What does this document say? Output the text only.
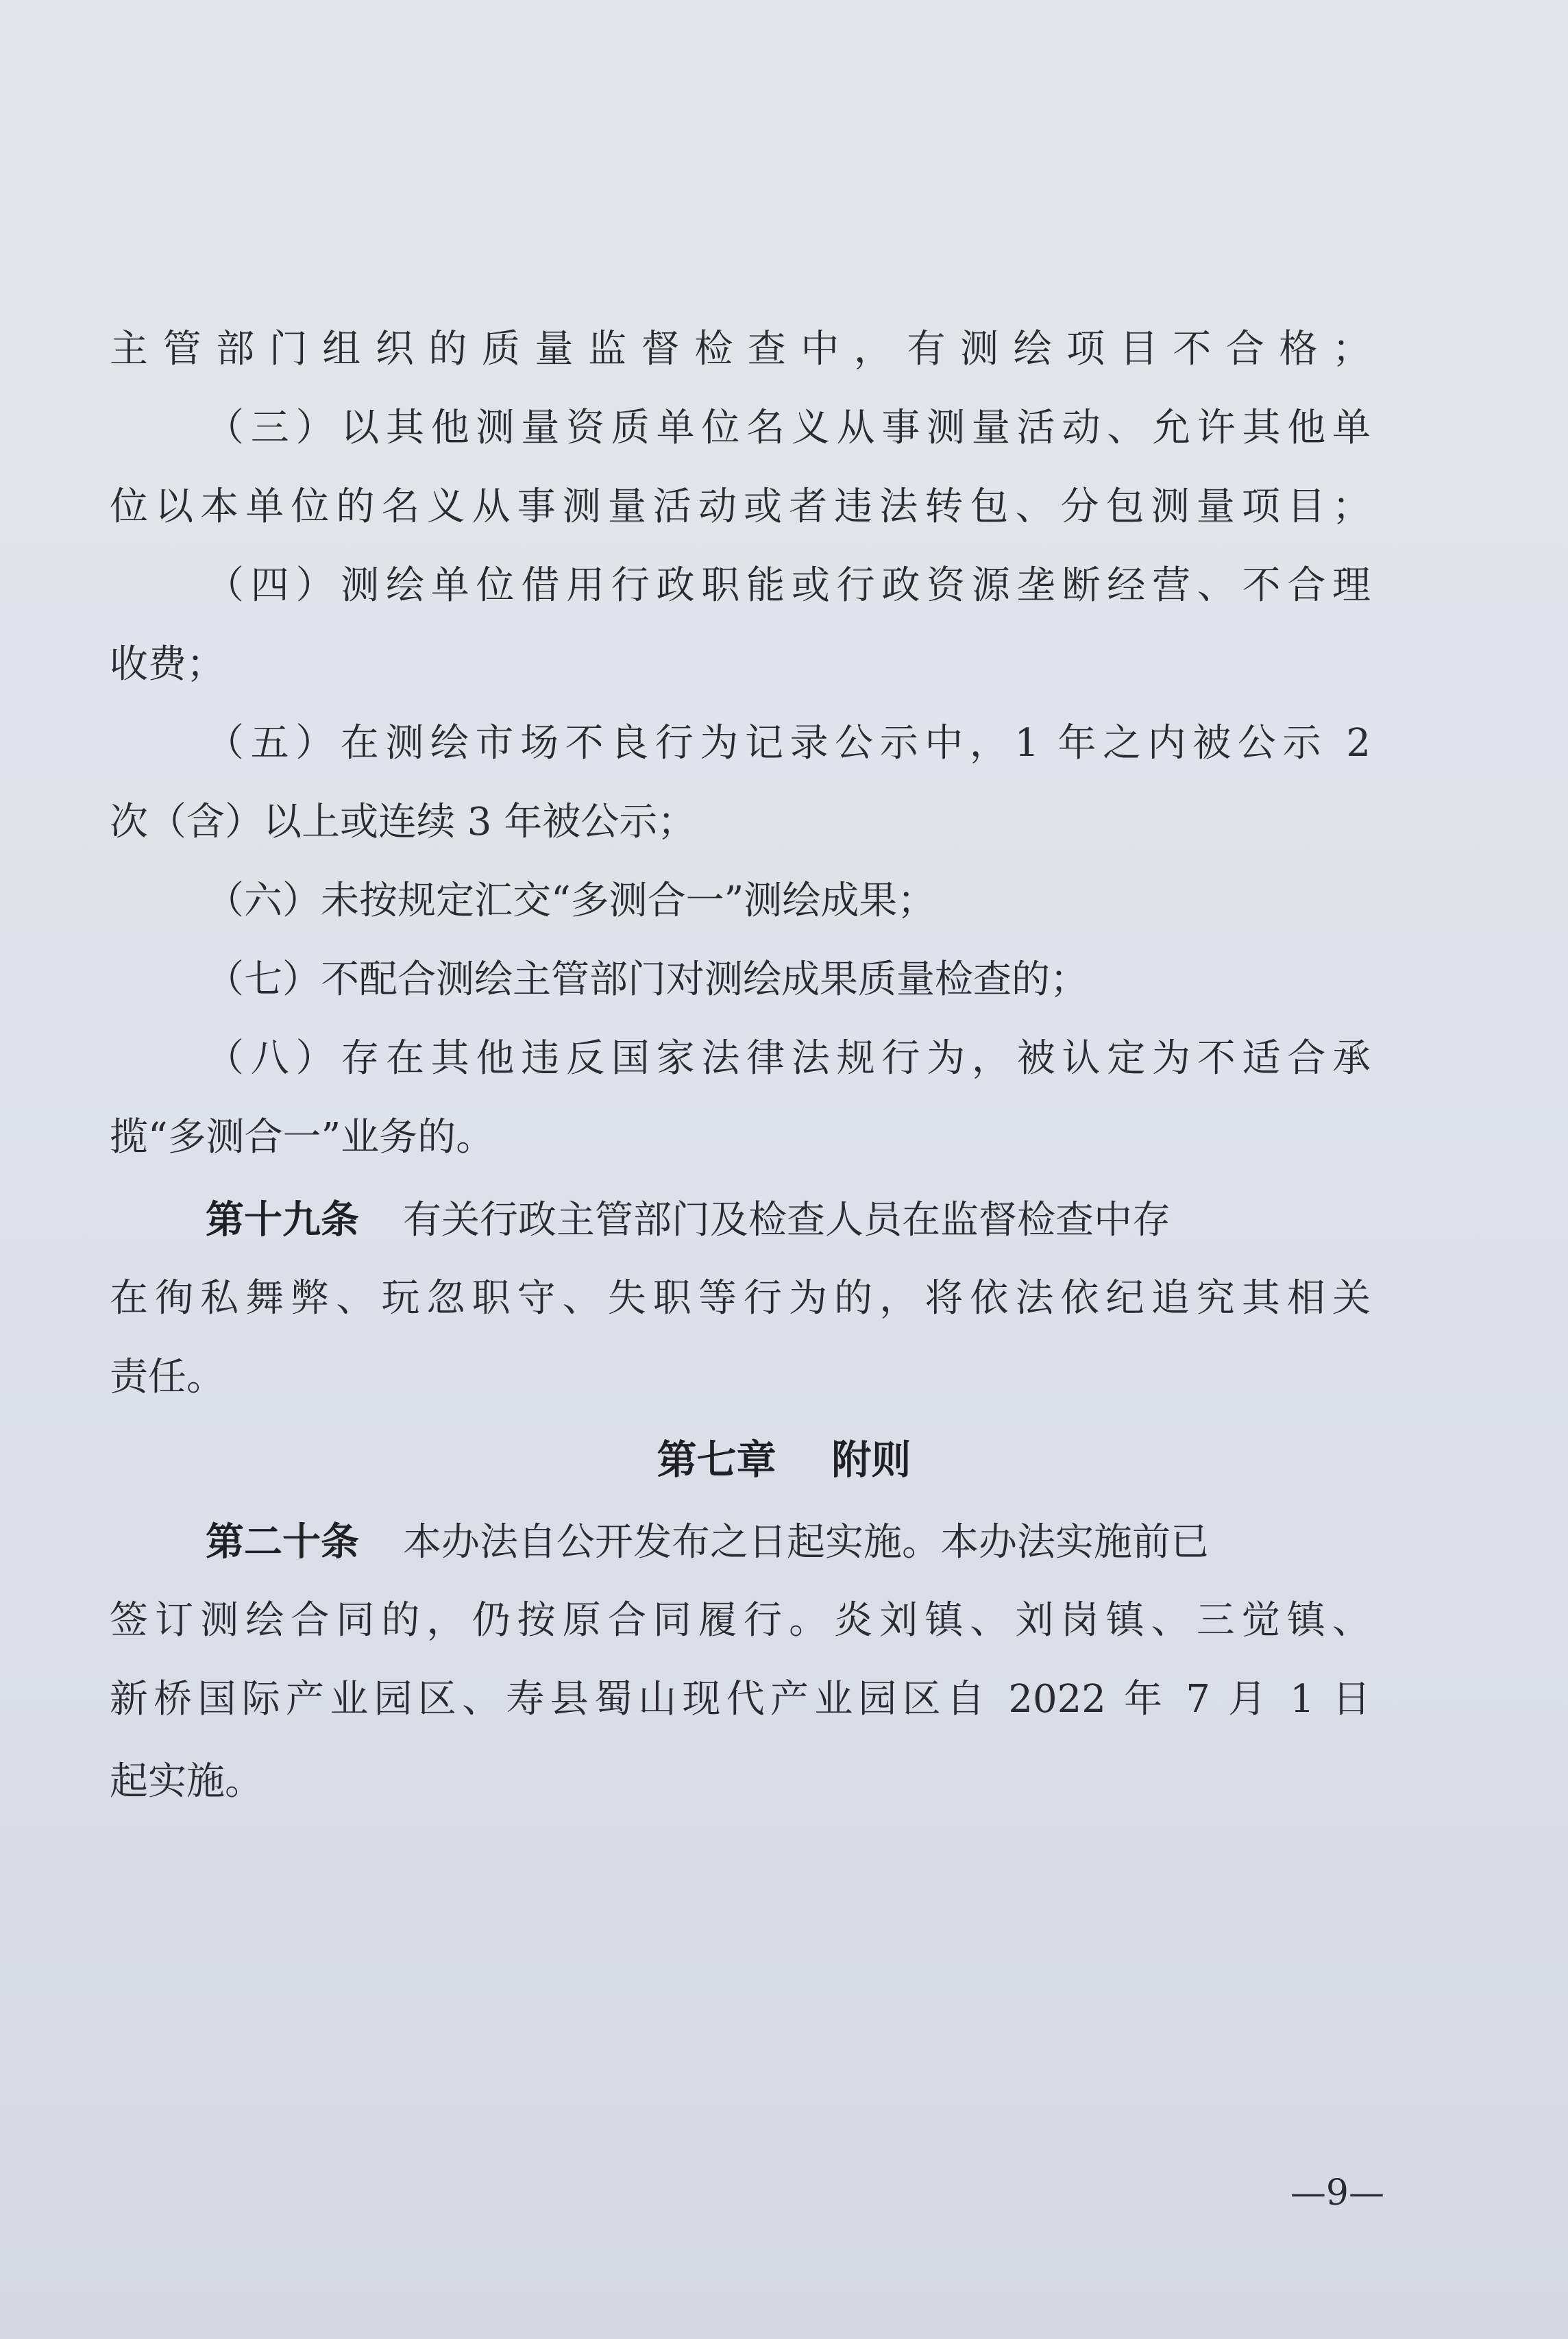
主管部门组织的质量监督检查中，有测绘项目不合格；
（三）以其他测量资质单位名义从事测量活动、允许其他单
位以本单位的名义从事测量活动或者违法转包、分包测量项目；
（四）测绘单位借用行政职能或行政资源垄断经营、不合理
收费；
（五）在测绘市场不良行为记录公示中，1 年之内被公示 2
次（含）以上或连续 3 年被公示；
（六）未按规定汇交“多测合一”测绘成果；
（七）不配合测绘主管部门对测绘成果质量检查的；
（八）存在其他违反国家法律法规行为，被认定为不适合承
揽“多测合一”业务的。
第十九条 有关行政主管部门及检查人员在监督检查中存
在徇私舞弊、玩忽职守、失职等行为的，将依法依纪追究其相关
责任。
第七章    附则
第二十条 本办法自公开发布之日起实施。本办法实施前已
签订测绘合同的，仍按原合同履行。炎刘镇、刘岗镇、三觉镇、
新桥国际产业园区、寿县蜀山现代产业园区自 2022 年 7 月 1 日
起实施。
—9—
